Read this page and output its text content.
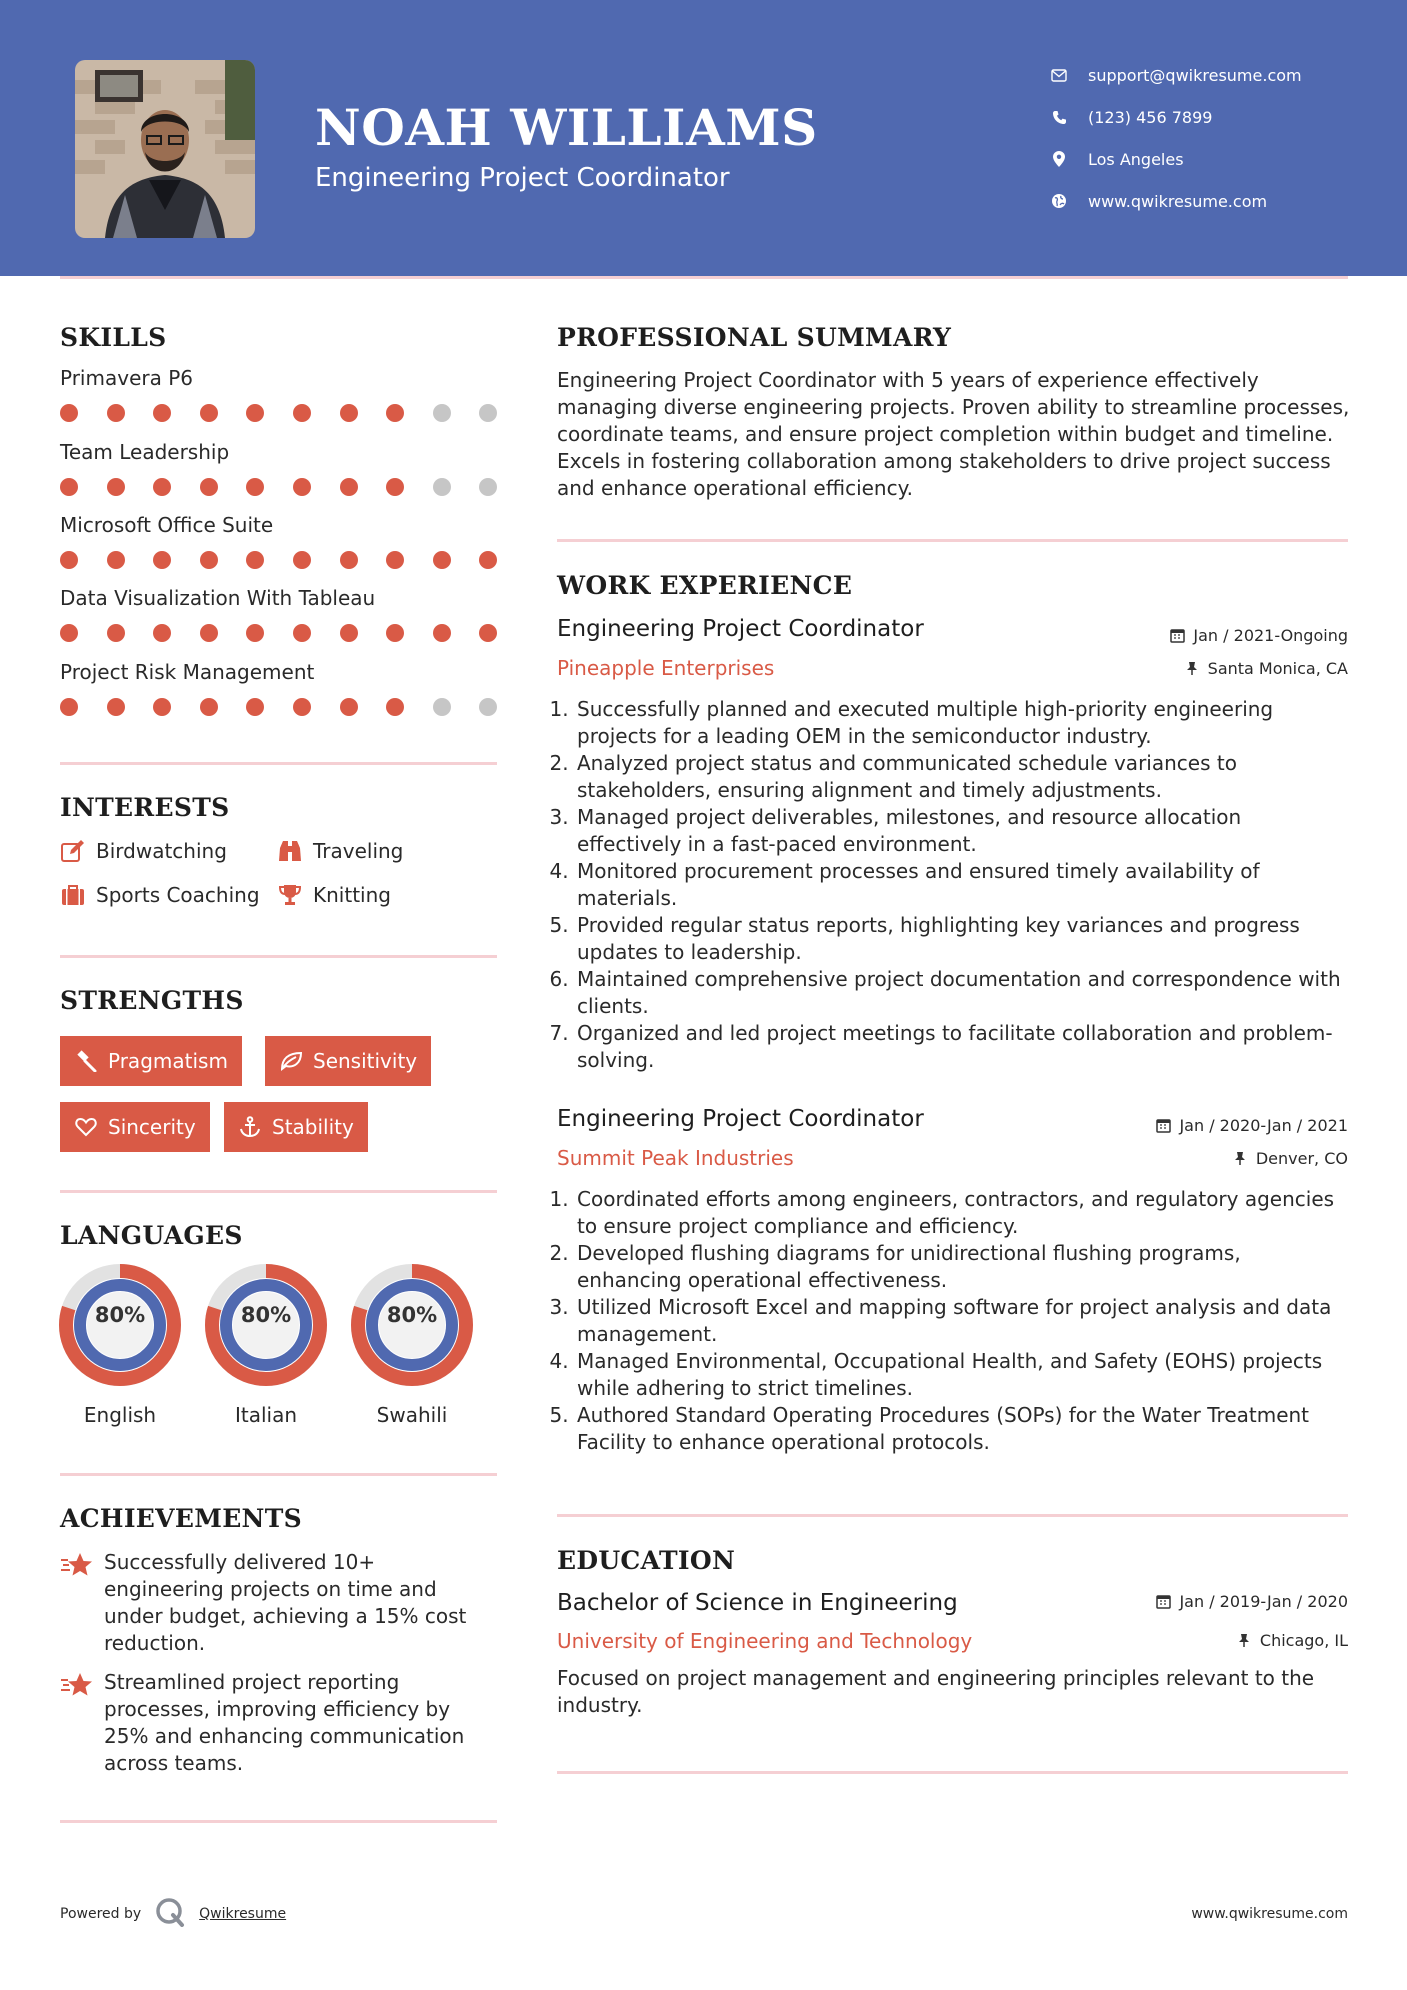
NOAH WILLIAMS
Engineering Project Coordinator
support@qwikresume.com
(123) 456 7899
Los Angeles
www.qwikresume.com
SKILLS
Primavera P6
Team Leadership
Microsoft Office Suite
Data Visualization With Tableau
Project Risk Management
INTERESTS
Birdwatching	Traveling
Sports Coaching	Knitting
STRENGTHS
Pragmatism	Sensitivity
Sincerity	Stability
LANGUAGES
80%
English
80%
Italian
80%
Swahili
ACHIEVEMENTS
Successfully delivered 10+ engineering projects on time and under budget, achieving a 15% cost reduction.
Streamlined project reporting processes, improving efficiency by 25% and enhancing communication across teams.
PROFESSIONAL SUMMARY
Engineering Project Coordinator with 5 years of experience effectively managing diverse engineering projects. Proven ability to streamline processes, coordinate teams, and ensure project completion within budget and timeline. Excels in fostering collaboration among stakeholders to drive project success and enhance operational efficiency.
WORK EXPERIENCE
Engineering Project Coordinator	Jan / 2021-Ongoing
Pineapple Enterprises	Santa Monica, CA
1. Successfully planned and executed multiple high-priority engineering projects for a leading OEM in the semiconductor industry.
2. Analyzed project status and communicated schedule variances to stakeholders, ensuring alignment and timely adjustments.
3. Managed project deliverables, milestones, and resource allocation effectively in a fast-paced environment.
4. Monitored procurement processes and ensured timely availability of materials.
5. Provided regular status reports, highlighting key variances and progress updates to leadership.
6. Maintained comprehensive project documentation and correspondence with clients.
7. Organized and led project meetings to facilitate collaboration and problem-solving.
Engineering Project Coordinator	Jan / 2020-Jan / 2021
Summit Peak Industries	Denver, CO
1. Coordinated efforts among engineers, contractors, and regulatory agencies to ensure project compliance and efficiency.
2. Developed flushing diagrams for unidirectional flushing programs, enhancing operational effectiveness.
3. Utilized Microsoft Excel and mapping software for project analysis and data management.
4. Managed Environmental, Occupational Health, and Safety (EOHS) projects while adhering to strict timelines.
5. Authored Standard Operating Procedures (SOPs) for the Water Treatment Facility to enhance operational protocols.
EDUCATION
Bachelor of Science in Engineering	Jan / 2019-Jan / 2020
University of Engineering and Technology	Chicago, IL
Focused on project management and engineering principles relevant to the industry.
Powered by	Qwikresume	www.qwikresume.com
